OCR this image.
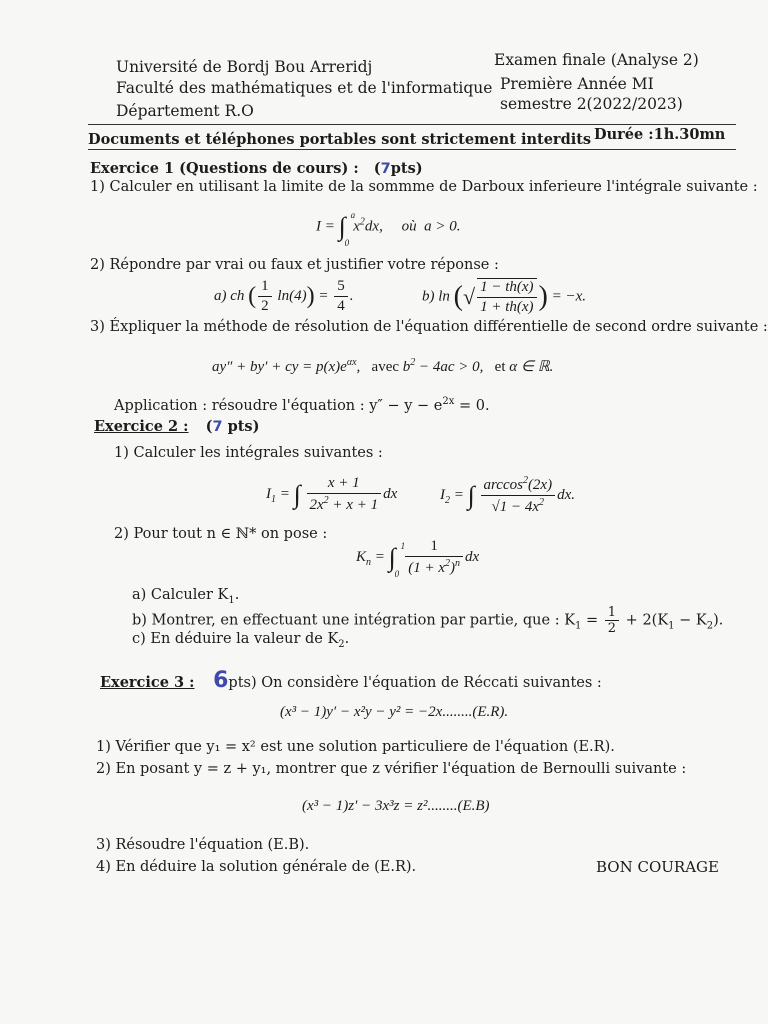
Université de Bordj Bou Arreridj
Faculté des mathématiques et de l'informatique
Département R.O
Examen finale (Analyse 2)
Première Année MI
semestre 2(2022/2023)
Documents et téléphones portables sont strictement interdits Durée :1h.30mn
Exercice 1 (Questions de cours) : (7pts)
1) Calculer en utilisant la limite de la sommme de Darboux inferieure l'intégrale suivante :
I = ∫ a
0
$x^2dx$,     où  a > 0.
2) Répondre par vrai ou faux et justifier votre réponse :
a) ch ( $\frac{1}{2} \ln(4)) = \frac{5}{4}$ .	b) ln (√ $\frac{1 - th(x)}{1 + th(x)}$ ) = −x.
3) Éxpliquer la méthode de résolution de l'équation différentielle de second ordre suivante :
ay″ + by′ + cy = $p(x)e^{\alpha x}$,   avec $b^2 - 4ac > 0$,   et α ∈ ℝ.
Application : résoudre l'équation : $y'' - y - e^{2x} = 0$.
Exercice 2 : (7 pts)
1) Calculer les intégrales suivantes :
$I_1$ = ∫ $\frac{x + 1}{2x^2 + x + 1}$ dx	$I_2$ = ∫ $\frac{\arccos^2(2x)}{√1 - 4x^2}$ dx.
2) Pour tout n ∈ ℕ* on pose :
$K_n$ = ∫ 1
0
$\frac{1}{(1 + x^2)^n}$ dx
a) Calculer $K_1$.
b) Montrer, en effectuant une intégration par partie, que : $K_1 = \frac{1}{2} + 2(K_1 - K_2)$.
c) En déduire la valeur de $K_2$.
Exercice 3 : 6pts) On considère l'équation de Réccati suivantes :
(x³ − 1)y′ − x²y − y² = −2x........(E.R).
1) Vérifier que y₁ = x² est une solution particuliere de l'équation (E.R).
2) En posant y = z + y₁, montrer que z vérifier l'équation de Bernoulli suivante :
(x³ − 1)z′ − 3x³z = z²........(E.B)
3) Résoudre l'équation (E.B).
4) En déduire la solution générale de (E.R).	BON COURAGE
